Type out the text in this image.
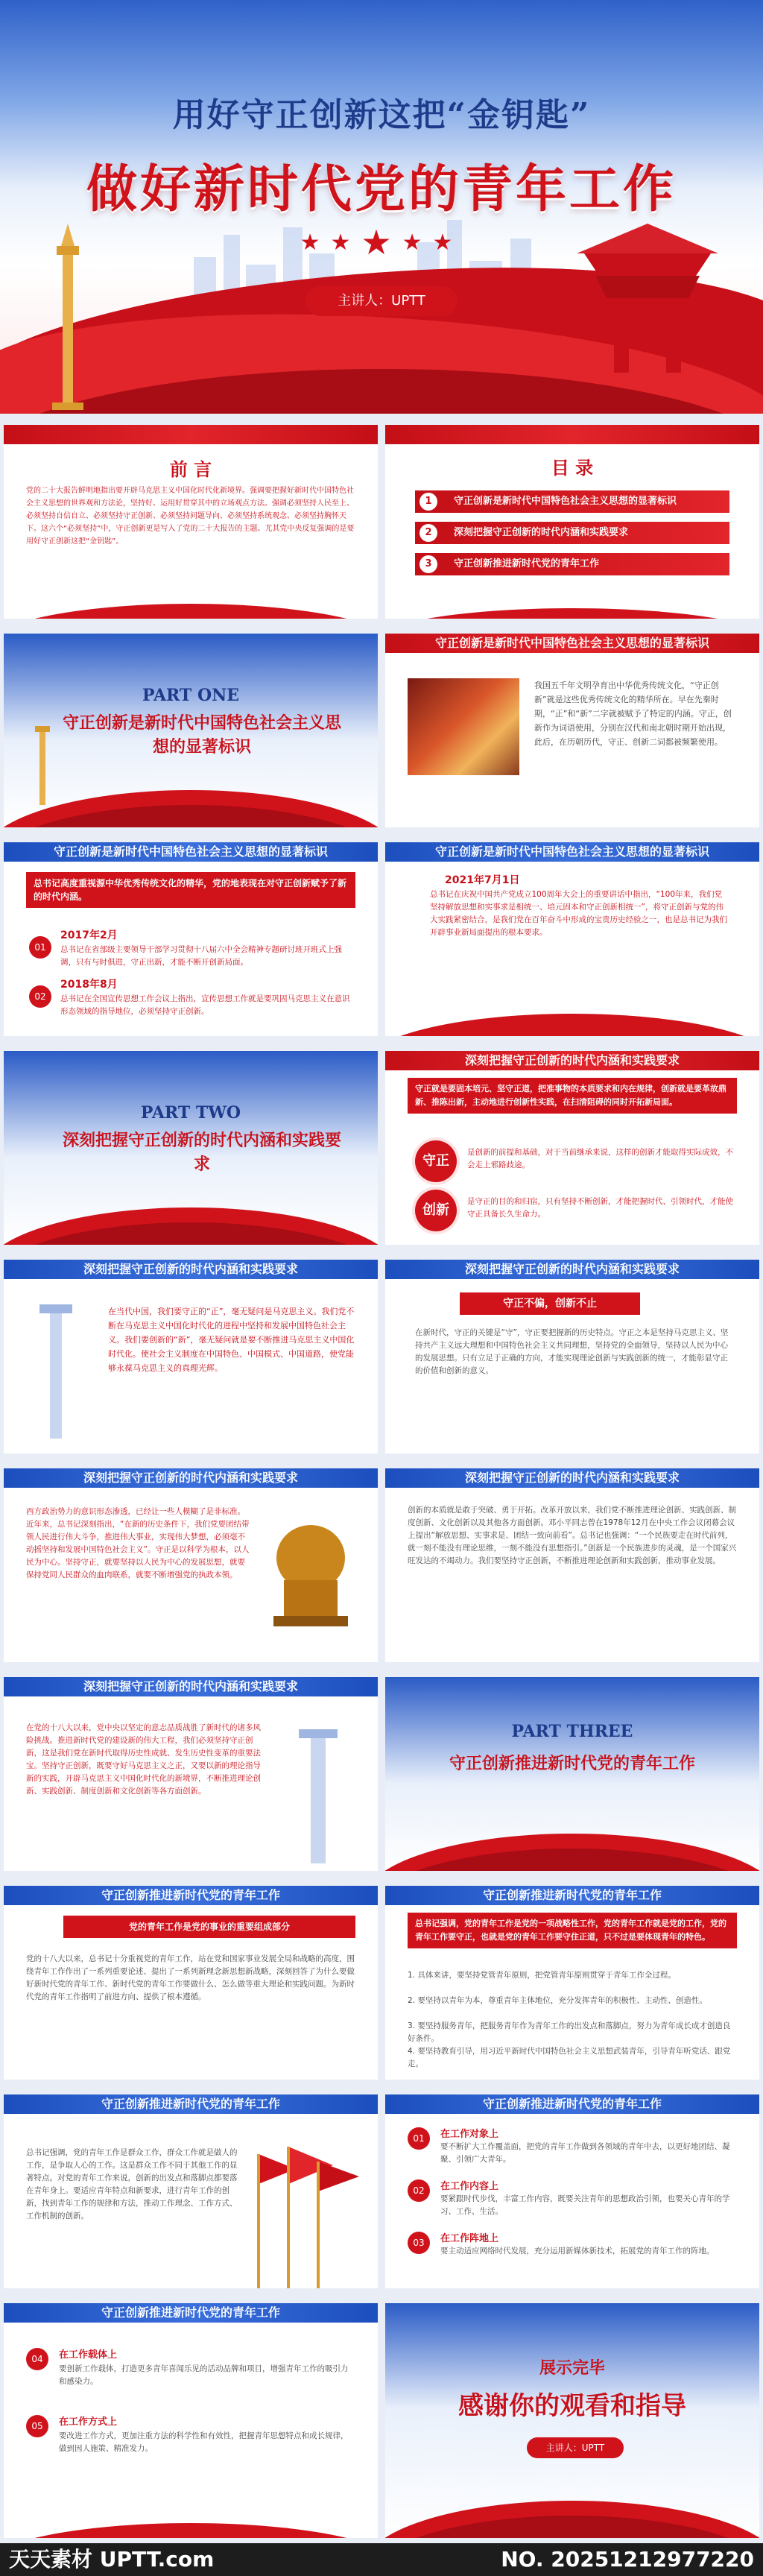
用好守正创新这把“金钥匙”
做好新时代党的青年工作
★★★★★
主讲人：UPTT
前 言
党的二十大报告鲜明地指出要开辟马克思主义中国化时代化新境界。强调要把握好新时代中国特色社会主义思想的世界观和方法论，坚持好、运用好贯穿其中的立场观点方法。强调必须坚持人民至上、必须坚持自信自立、必须坚持守正创新、必须坚持问题导向、必须坚持系统观念、必须坚持胸怀天下。这六个“必须坚持”中，守正创新更是写入了党的二十大报告的主题。尤其党中央反复强调的是要用好守正创新这把“金钥匙”。
目 录
1	守正创新是新时代中国特色社会主义思想的显著标识
2	深刻把握守正创新的时代内涵和实践要求
3	守正创新推进新时代党的青年工作
PART ONE
守正创新是新时代中国特色社会主义思想的显著标识
守正创新是新时代中国特色社会主义思想的显著标识
我国五千年文明孕育出中华优秀传统文化，“守正创新”就是这些优秀传统文化的精华所在。早在先秦时期，“正”和“新”二字就被赋予了特定的内涵。守正，创新作为词语使用，分别在汉代和南北朝时期开始出现，此后，在历朝历代，守正、创新二词都被频繁使用。
守正创新是新时代中国特色社会主义思想的显著标识
总书记高度重视源中华优秀传统文化的精华，党的地表现在对守正创新赋予了新的时代内涵。
01
2017年2月
总书记在省部级主要领导干部学习贯彻十八届六中全会精神专题研讨班开班式上强调，只有与时俱进，守正出新，才能不断开创新局面。
02
2018年8月
总书记在全国宣传思想工作会议上指出，宣传思想工作就是要巩固马克思主义在意识形态领域的指导地位，必须坚持守正创新。
守正创新是新时代中国特色社会主义思想的显著标识
2021年7月1日
总书记在庆祝中国共产党成立100周年大会上的重要讲话中指出，“100年来，我们党坚持解放思想和实事求是相统一、培元固本和守正创新相统一”，将守正创新与党的伟大实践紧密结合，是我们党在百年奋斗中形成的宝贵历史经验之一，也是总书记为我们开辟事业新局面提出的根本要求。
PART TWO
深刻把握守正创新的时代内涵和实践要求
深刻把握守正创新的时代内涵和实践要求
守正就是要固本培元、坚守正道，把准事物的本质要求和内在规律，创新就是要革故鼎新、推陈出新，主动地进行创新性实践，在扫清阻碍的同时开拓新局面。
守正
是创新的前提和基础，对于当前继承来说，这样的创新才能取得实际成效，不会走上邪路歧途。
创新
是守正的目的和归宿，只有坚持不断创新，才能把握时代、引领时代，才能使守正具备长久生命力。
深刻把握守正创新的时代内涵和实践要求
在当代中国，我们要守正的“正”，毫无疑问是马克思主义。我们党不断在马克思主义中国化时代化的进程中坚持和发展中国特色社会主义。我们要创新的“新”，毫无疑问就是要不断推进马克思主义中国化时代化。使社会主义制度在中国特色、中国模式、中国道路，使党能够永葆马克思主义的真理光辉。
深刻把握守正创新的时代内涵和实践要求
守正不偏，创新不止
在新时代，守正的关键是“守”，守正要把握新的历史特点。守正之本是坚持马克思主义、坚持共产主义远大理想和中国特色社会主义共同理想，坚持党的全面领导，坚持以人民为中心的发展思想。只有立足于正确的方向，才能实现理论创新与实践创新的统一，才能彰显守正的价值和创新的意义。
深刻把握守正创新的时代内涵和实践要求
西方政治势力的意识形态渗透，已经让一些人模糊了是非标准。近年来，总书记深刻指出，“在新的历史条件下，我们党要团结带领人民进行伟大斗争，推进伟大事业，实现伟大梦想，必须毫不动摇坚持和发展中国特色社会主义”。守正是以科学为根本，以人民为中心。坚持守正，就要坚持以人民为中心的发展思想，就要保持党同人民群众的血肉联系，就要不断增强党的执政本领。
深刻把握守正创新的时代内涵和实践要求
创新的本质就是敢于突破、勇于开拓。改革开放以来，我们党不断推进理论创新、实践创新、制度创新、文化创新以及其他各方面创新。邓小平同志曾在1978年12月在中央工作会议闭幕会议上提出“解放思想、实事求是、团结一致向前看”。总书记也强调：“一个民族要走在时代前列，就一刻不能没有理论思维，一刻不能没有思想指引。”创新是一个民族进步的灵魂，是一个国家兴旺发达的不竭动力。我们要坚持守正创新，不断推进理论创新和实践创新，推动事业发展。
深刻把握守正创新的时代内涵和实践要求
在党的十八大以来，党中央以坚定的意志品质战胜了新时代的诸多风险挑战。推进新时代党的建设新的伟大工程，我们必须坚持守正创新，这是我们党在新时代取得历史性成就、发生历史性变革的重要法宝。坚持守正创新，既要守好马克思主义之正，又要以新的理论指导新的实践，开辟马克思主义中国化时代化的新境界，不断推进理论创新、实践创新、制度创新和文化创新等各方面创新。
PART THREE
守正创新推进新时代党的青年工作
守正创新推进新时代党的青年工作
党的青年工作是党的事业的重要组成部分
党的十八大以来，总书记十分重视党的青年工作，站在党和国家事业发展全局和战略的高度，围绕青年工作作出了一系列重要论述、提出了一系列新理念新思想新战略，深刻回答了为什么要做好新时代党的青年工作、新时代党的青年工作要做什么、怎么做等重大理论和实践问题。为新时代党的青年工作指明了前进方向、提供了根本遵循。
守正创新推进新时代党的青年工作
总书记强调，党的青年工作是党的一项战略性工作，党的青年工作就是党的工作，党的青年工作要守正，也就是党的青年工作要守住正道，只不过是要体现青年的特色。
1. 具体来讲，要坚持党管青年原则，把党管青年原则贯穿于青年工作全过程。
2. 要坚持以青年为本，尊重青年主体地位，充分发挥青年的积极性、主动性、创造性。
3. 要坚持服务青年，把服务青年作为青年工作的出发点和落脚点，努力为青年成长成才创造良好条件。
4. 要坚持教育引导，用习近平新时代中国特色社会主义思想武装青年，引导青年听党话、跟党走。
守正创新推进新时代党的青年工作
总书记强调，党的青年工作是群众工作，群众工作就是做人的工作，是争取人心的工作。这是群众工作不同于其他工作的显著特点。对党的青年工作来说，创新的出发点和落脚点都要落在青年身上。要适应青年特点和新要求，进行青年工作的创新，找到青年工作的规律和方法，推动工作理念、工作方式、工作机制的创新。
守正创新推进新时代党的青年工作
01	在工作对象上
要不断扩大工作覆盖面，把党的青年工作做到各领域的青年中去，以更好地团结、凝聚、引领广大青年。
02	在工作内容上
要紧跟时代步伐，丰富工作内容，既要关注青年的思想政治引领，也要关心青年的学习、工作、生活。
03	在工作阵地上
要主动适应网络时代发展，充分运用新媒体新技术，拓展党的青年工作的阵地。
守正创新推进新时代党的青年工作
04	在工作载体上
要创新工作载体，打造更多青年喜闻乐见的活动品牌和项目，增强青年工作的吸引力和感染力。
05	在工作方式上
要改进工作方式，更加注重方法的科学性和有效性，把握青年思想特点和成长规律，做到因人施策、精准发力。
展示完毕
感谢你的观看和指导
主讲人：UPTT
天天素材 UPTT.com	NO. 20251212977220
